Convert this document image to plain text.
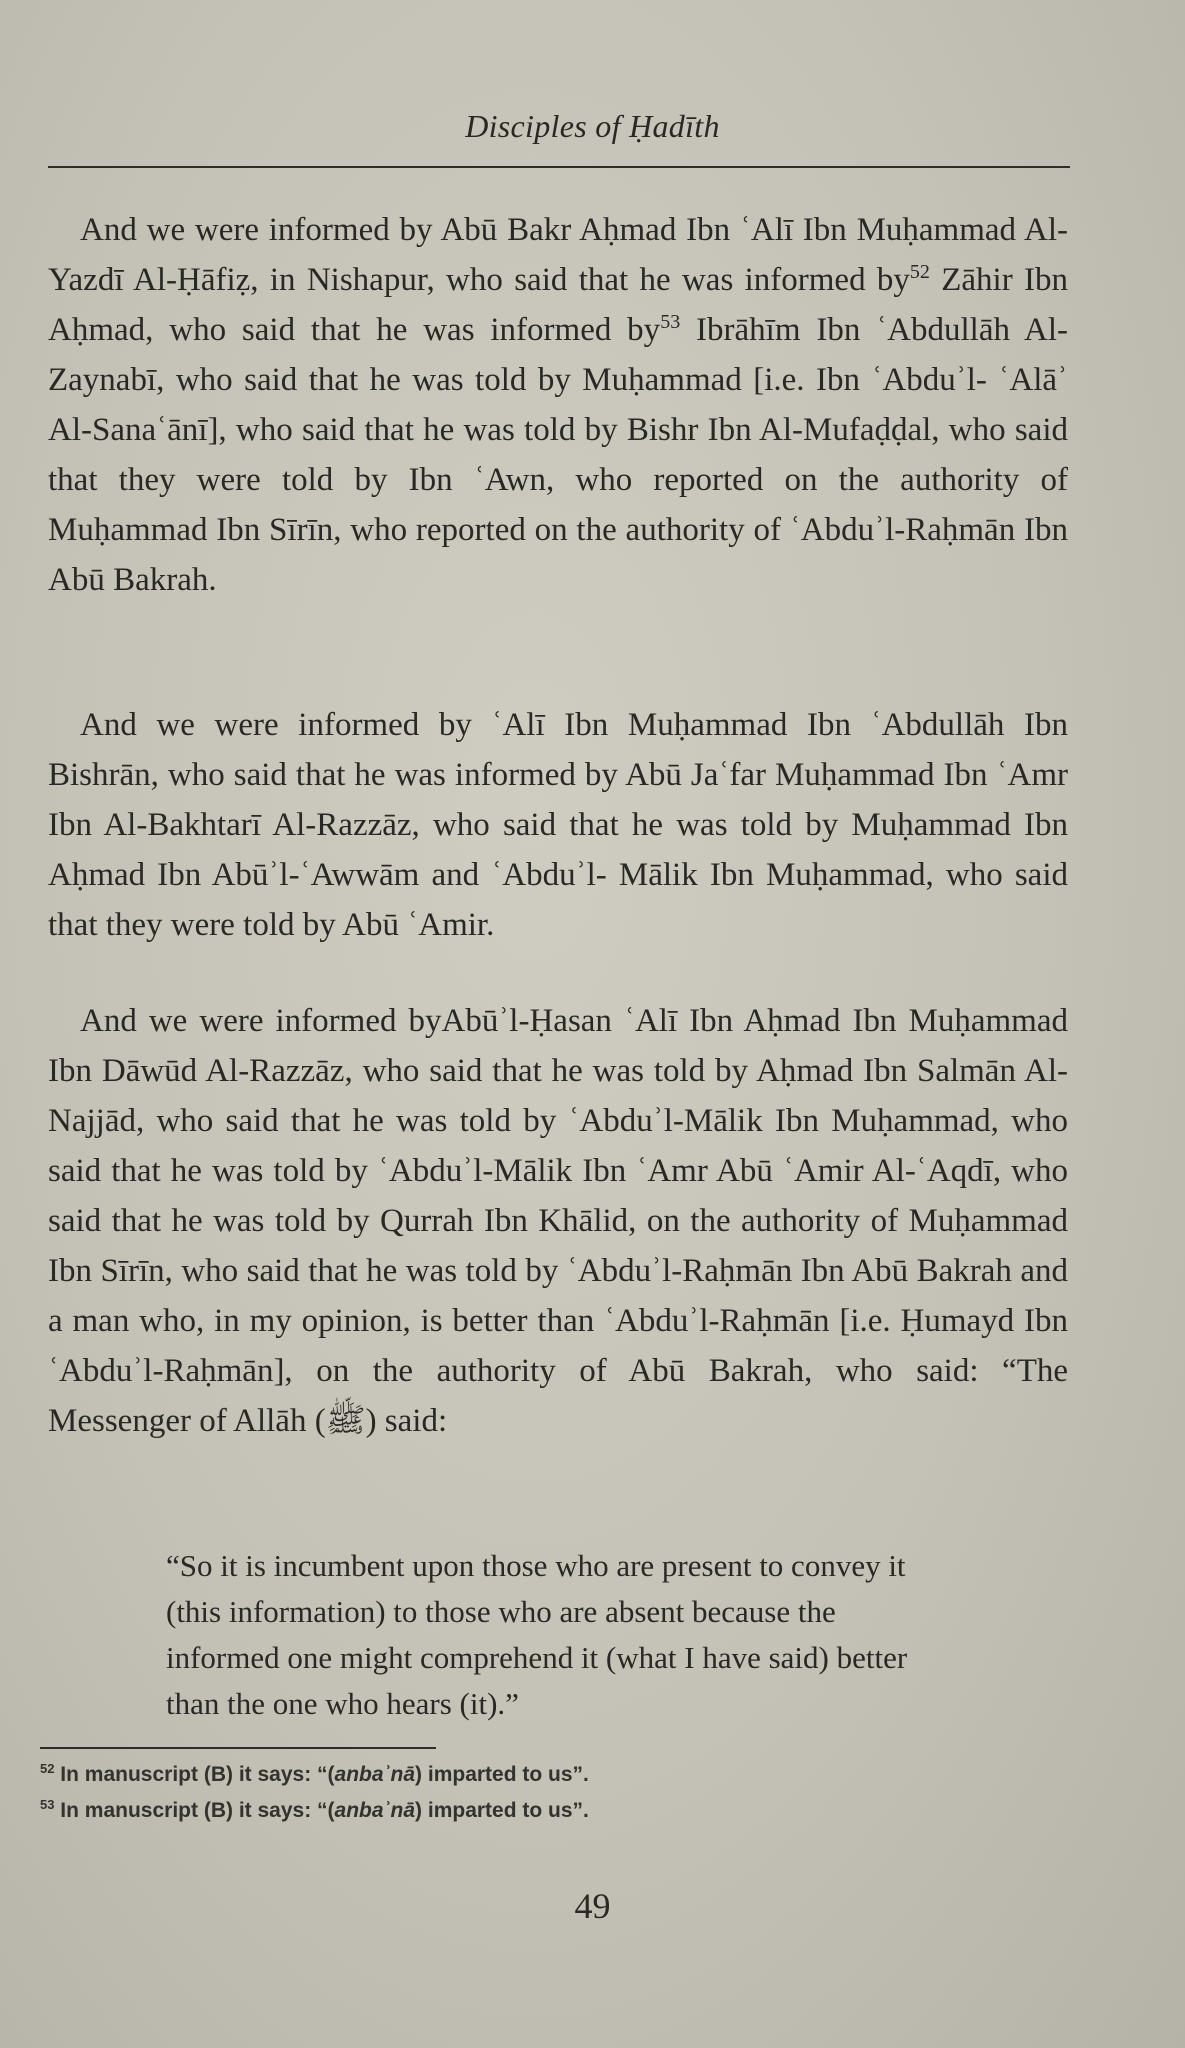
Disciples of Ḥadīth

And we were informed by Abū Bakr Aḥmad Ibn ʿAlī Ibn Muḥammad Al-Yazdī Al-Ḥāfiẓ, in Nishapur, who said that he was informed $by^{52}$ Zāhir Ibn Aḥmad, who said that he was informed $by^{53}$ Ibrāhīm Ibn ʿAbdullāh Al-Zaynabī, who said that he was told by Muḥammad [i.e. Ibn ʿAbduʾl- ʿAlāʾ Al-Sanaʿānī], who said that he was told by Bishr Ibn Al-Mufaḍḍal, who said that they were told by Ibn ʿAwn, who reported on the authority of Muḥammad Ibn Sīrīn, who reported on the authority of ʿAbduʾl-Raḥmān Ibn Abū Bakrah.

And we were informed by ʿAlī Ibn Muḥammad Ibn ʿAbdullāh Ibn Bishrān, who said that he was informed by Abū Jaʿfar Muḥammad Ibn ʿAmr Ibn Al-Bakhtarī Al-Razzāz, who said that he was told by Muḥammad Ibn Aḥmad Ibn Abūʾl-ʿAwwām and ʿAbduʾl- Mālik Ibn Muḥammad, who said that they were told by Abū ʿAmir.

And we were informed byAbūʾl-Ḥasan ʿAlī Ibn Aḥmad Ibn Muḥammad Ibn Dāwūd Al-Razzāz, who said that he was told by Aḥmad Ibn Salmān Al-Najjād, who said that he was told by ʿAbduʾl-Mālik Ibn Muḥammad, who said that he was told by ʿAbduʾl-Mālik Ibn ʿAmr Abū ʿAmir Al-ʿAqdī, who said that he was told by Qurrah Ibn Khālid, on the authority of Muḥammad Ibn Sīrīn, who said that he was told by ʿAbduʾl-Raḥmān Ibn Abū Bakrah and a man who, in my opinion, is better than ʿAbduʾl-Raḥmān [i.e. Ḥumayd Ibn ʿAbduʾl-Raḥmān], on the authority of Abū Bakrah, who said: “The Messenger of Allāh (ﷺ) said:

“So it is incumbent upon those who are present to convey it (this information) to those who are absent because the informed one might comprehend it (what I have said) better than the one who hears (it).”

$^{52}$ In manuscript (B) it says: “(anbaʾnā) imparted to us”.
$^{53}$ In manuscript (B) it says: “(anbaʾnā) imparted to us”.
49
